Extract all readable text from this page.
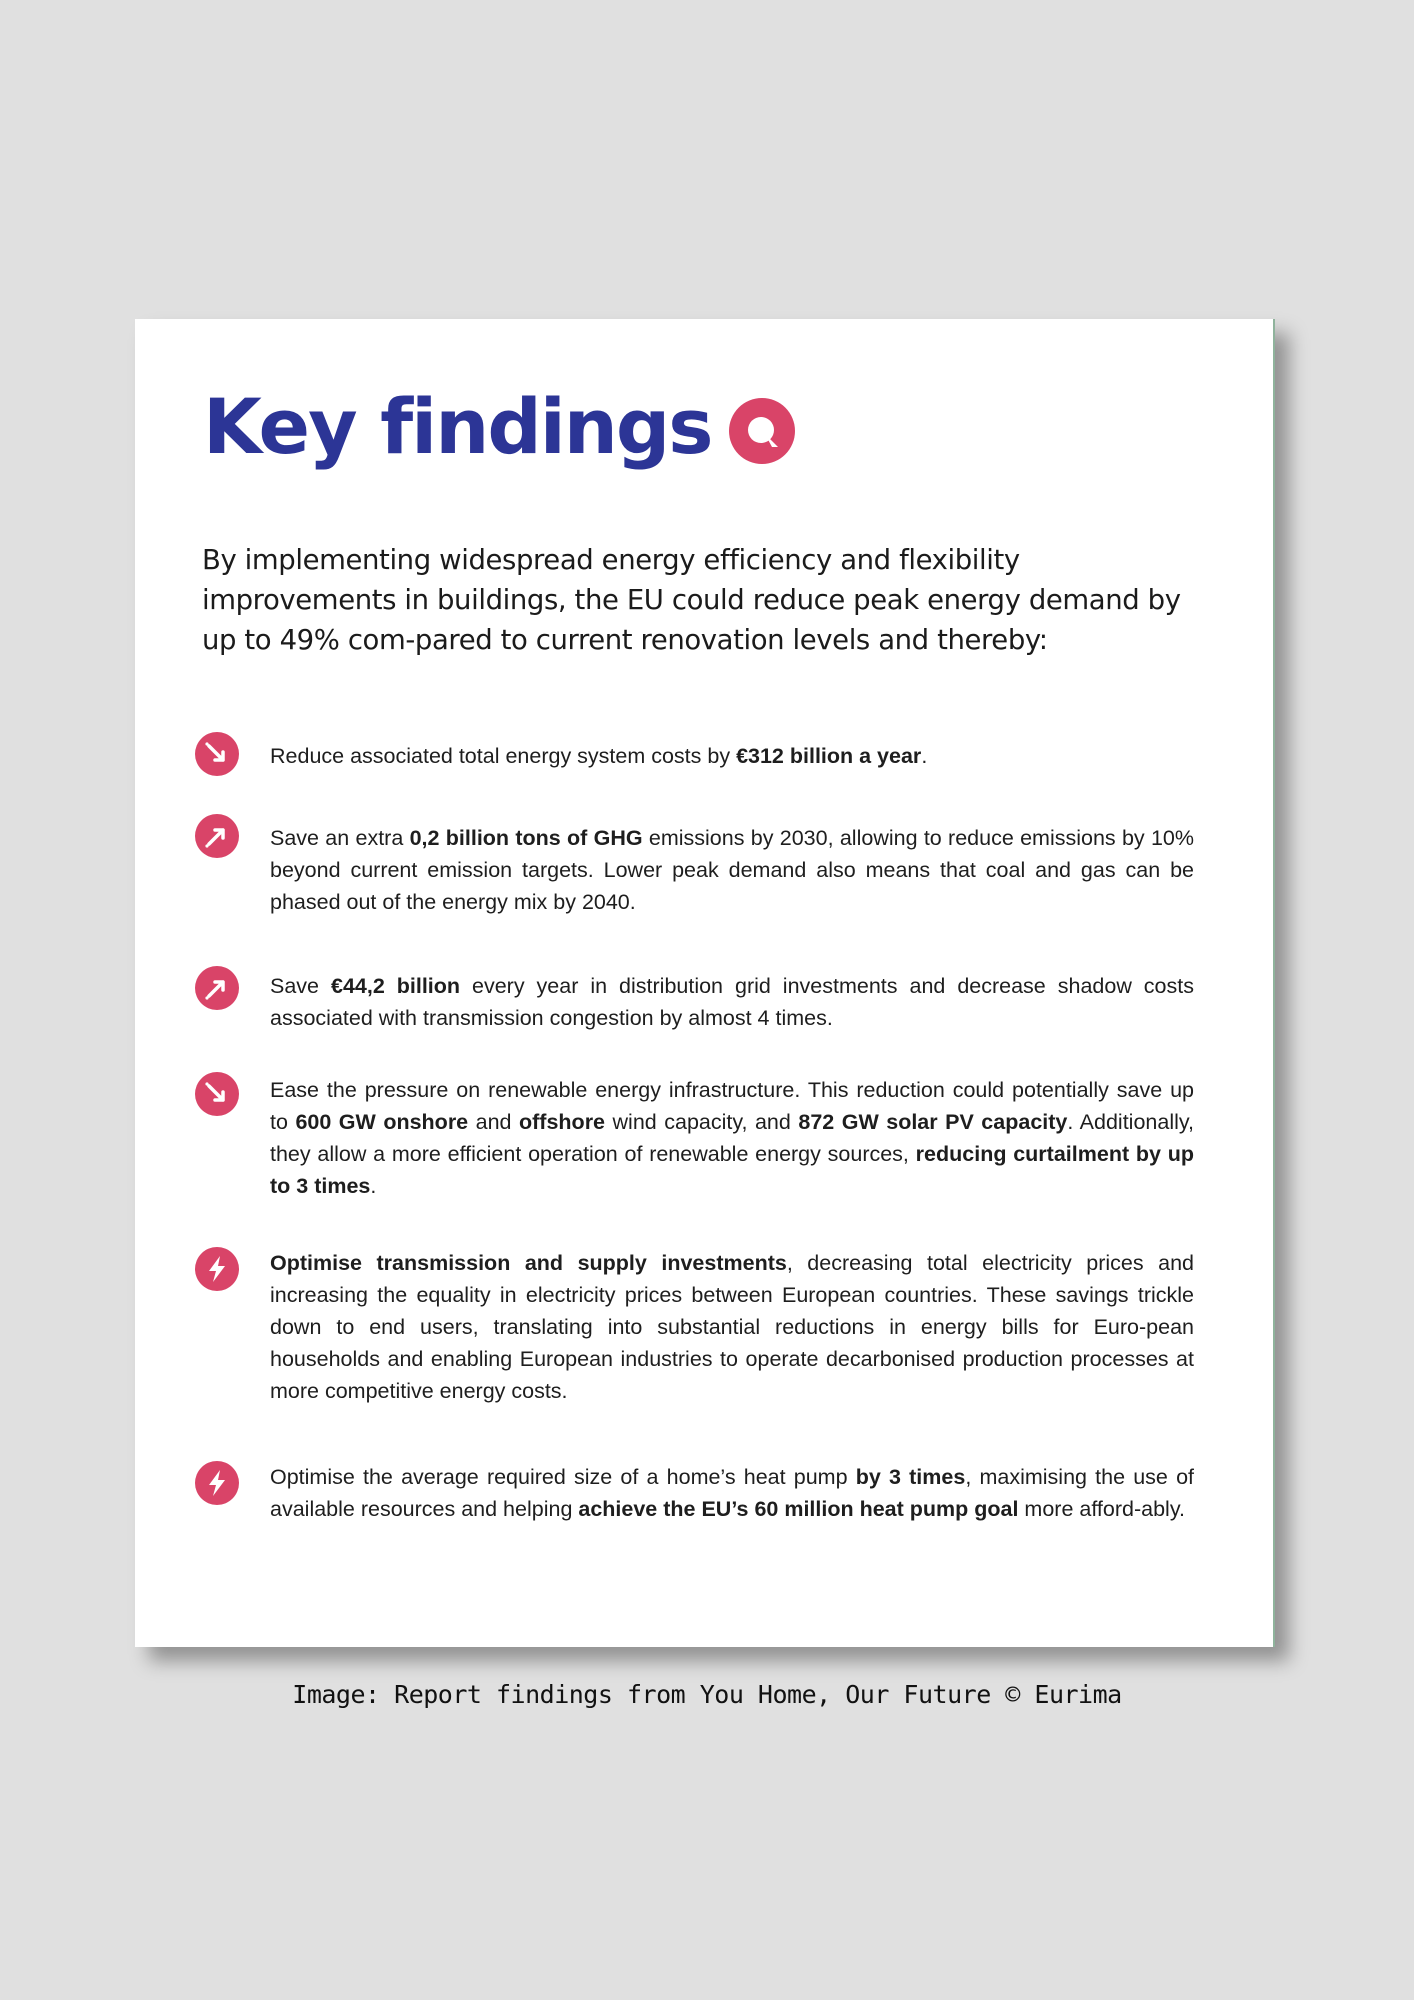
Key findings
By implementing widespread energy efficiency and flexibility improvements in buildings, the EU could reduce peak energy demand by up to 49% com-pared to current renovation levels and thereby:
Reduce associated total energy system costs by €312 billion a year.
Save an extra 0,2 billion tons of GHG emissions by 2030, allowing to reduce emissions by 10% beyond current emission targets. Lower peak demand also means that coal and gas can be phased out of the energy mix by 2040.
Save €44,2 billion every year in distribution grid investments and decrease shadow costs associated with transmission congestion by almost 4 times.
Ease the pressure on renewable energy infrastructure. This reduction could potentially save up to 600 GW onshore and offshore wind capacity, and 872 GW solar PV capacity. Additionally, they allow a more efficient operation of renewable energy sources, reducing curtailment by up to 3 times.
Optimise transmission and supply investments, decreasing total electricity prices and increasing the equality in electricity prices between European countries. These savings trickle down to end users, translating into substantial reductions in energy bills for Euro-pean households and enabling European industries to operate decarbonised production processes at more competitive energy costs.
Optimise the average required size of a home’s heat pump by 3 times, maximising the use of available resources and helping achieve the EU’s 60 million heat pump goal more afford-ably.
Image: Report findings from You Home, Our Future © Eurima
